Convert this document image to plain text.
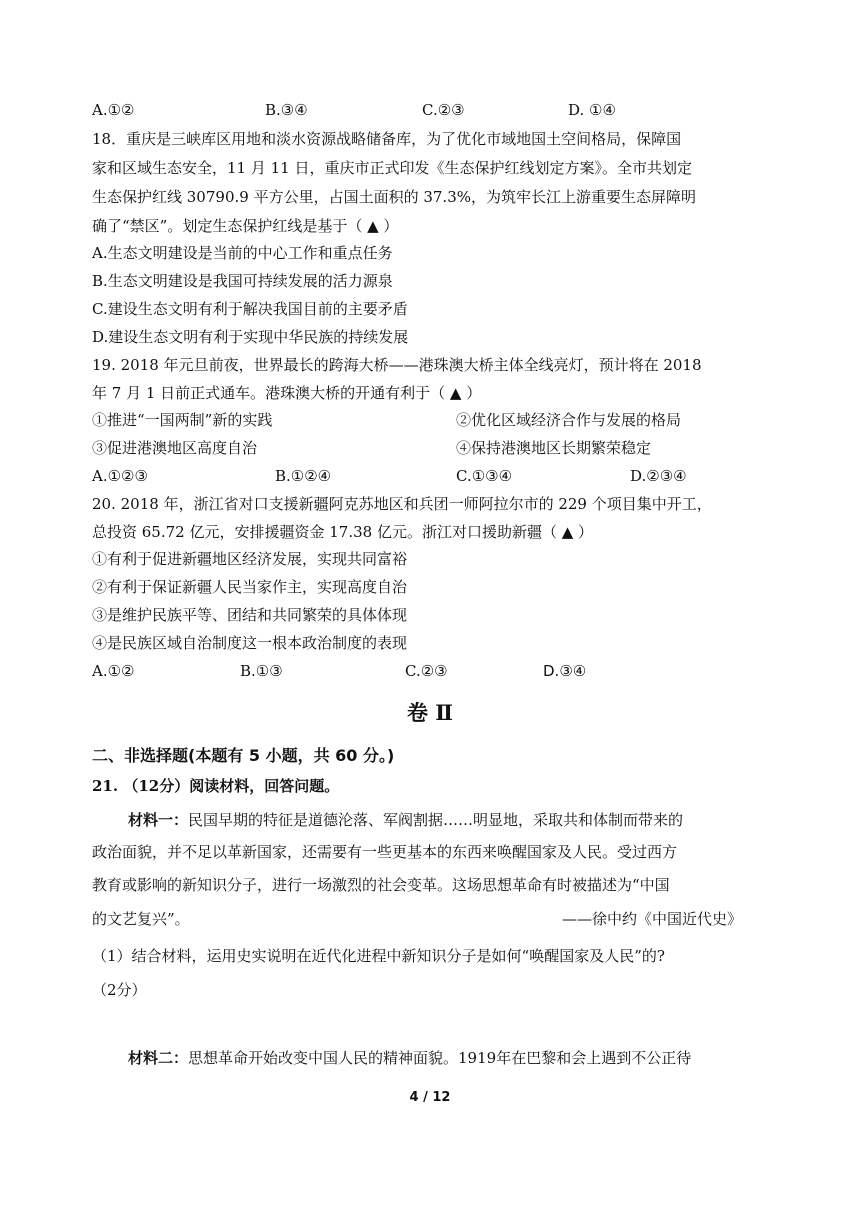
A.①②	B.③④	C.②③	D. ①④
18．重庆是三峡库区用地和淡水资源战略储备库，为了优化市域地国土空间格局，保障国
家和区域生态安全，11 月 11 日，重庆市正式印发《生态保护红线划定方案》。全市共划定
生态保护红线 30790.9 平方公里，占国土面积的 37.3%，为筑牢长江上游重要生态屏障明
确了“禁区”。划定生态保护红线是基于（ ▲ ）
A.生态文明建设是当前的中心工作和重点任务
B.生态文明建设是我国可持续发展的活力源泉
C.建设生态文明有利于解决我国目前的主要矛盾
D.建设生态文明有利于实现中华民族的持续发展
19. 2018 年元旦前夜，世界最长的跨海大桥——港珠澳大桥主体全线亮灯，预计将在 2018
年 7 月 1 日前正式通车。港珠澳大桥的开通有利于（ ▲ ）
①推进“一国两制”新的实践	②优化区域经济合作与发展的格局
③促进港澳地区高度自治	④保持港澳地区长期繁荣稳定
A.①②③	B.①②④	C.①③④	D.②③④
20. 2018 年，浙江省对口支援新疆阿克苏地区和兵团一师阿拉尔市的 229 个项目集中开工，
总投资 65.72 亿元，安排援疆资金 17.38 亿元。浙江对口援助新疆（ ▲ ）
①有利于促进新疆地区经济发展，实现共同富裕
②有利于保证新疆人民当家作主，实现高度自治
③是维护民族平等、团结和共同繁荣的具体体现
④是民族区域自治制度这一根本政治制度的表现
A.①②	B.①③	C.②③	D.③④
卷 Ⅱ
二、非选择题(本题有 5 小题，共 60 分。)
21. （12分）阅读材料，回答问题。
材料一：民国早期的特征是道德沦落、军阀割据……明显地，采取共和体制而带来的
政治面貌，并不足以革新国家，还需要有一些更基本的东西来唤醒国家及人民。受过西方
教育或影响的新知识分子，进行一场激烈的社会变革。这场思想革命有时被描述为“中国
的文艺复兴”。	——徐中约《中国近代史》
（1）结合材料，运用史实说明在近代化进程中新知识分子是如何“唤醒国家及人民”的?
（2分）
材料二：思想革命开始改变中国人民的精神面貌。1919年在巴黎和会上遇到不公正待
4 / 12
